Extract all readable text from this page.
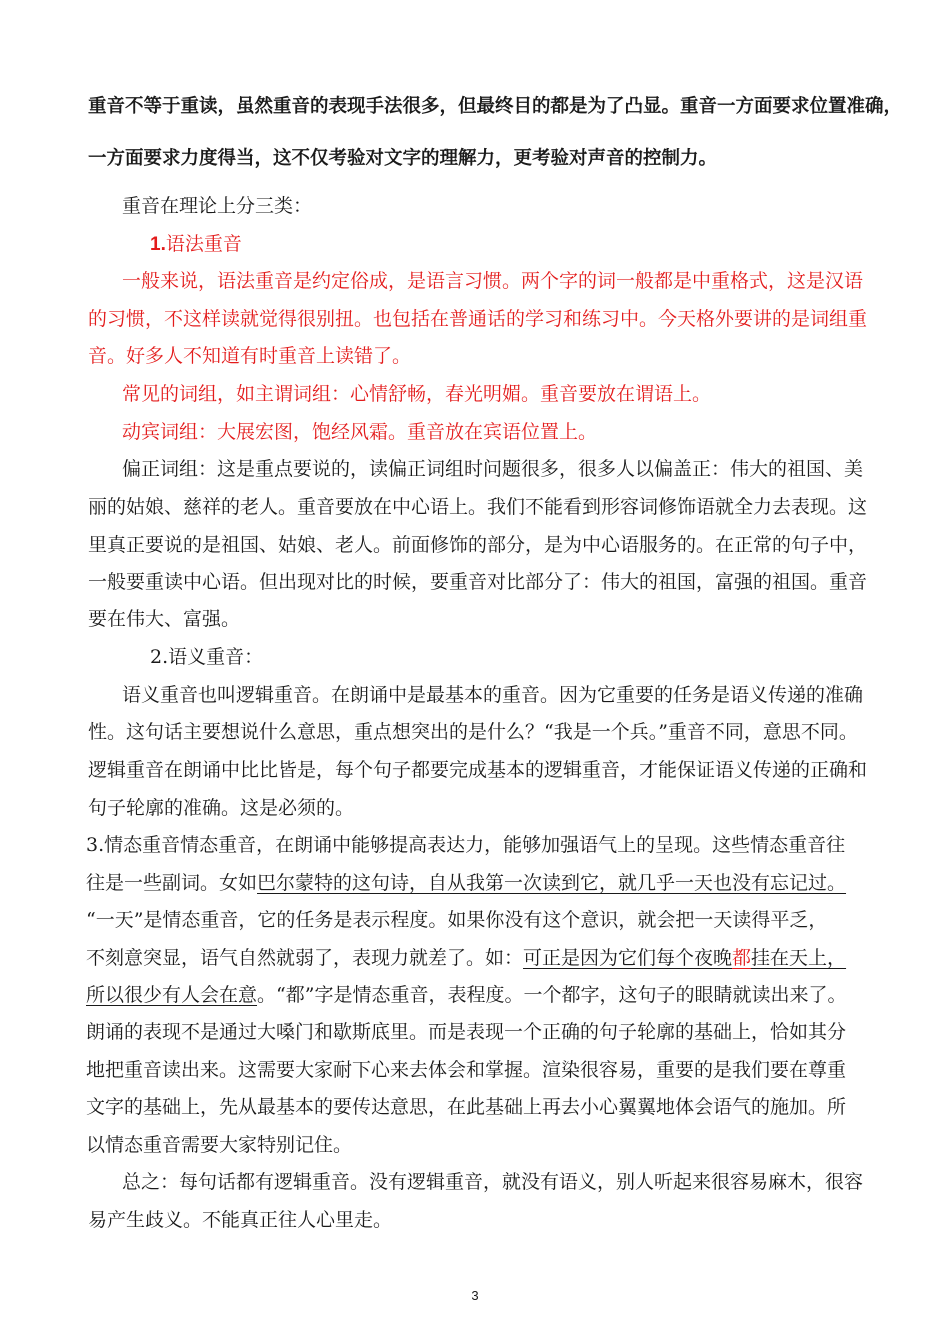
重音不等于重读，虽然重音的表现手法很多，但最终目的都是为了凸显。重音一方面要求位置准确，
一方面要求力度得当，这不仅考验对文字的理解力，更考验对声音的控制力。
重音在理论上分三类：
1.语法重音
一般来说，语法重音是约定俗成，是语言习惯。两个字的词一般都是中重格式，这是汉语
的习惯，不这样读就觉得很别扭。也包括在普通话的学习和练习中。今天格外要讲的是词组重
音。好多人不知道有时重音上读错了。
常见的词组，如主谓词组：心情舒畅，春光明媚。重音要放在谓语上。
动宾词组：大展宏图，饱经风霜。重音放在宾语位置上。
偏正词组：这是重点要说的，读偏正词组时问题很多，很多人以偏盖正：伟大的祖国、美
丽的姑娘、慈祥的老人。重音要放在中心语上。我们不能看到形容词修饰语就全力去表现。这
里真正要说的是祖国、姑娘、老人。前面修饰的部分，是为中心语服务的。在正常的句子中，
一般要重读中心语。但出现对比的时候，要重音对比部分了：伟大的祖国，富强的祖国。重音
要在伟大、富强。
2.语义重音：
语义重音也叫逻辑重音。在朗诵中是最基本的重音。因为它重要的任务是语义传递的准确
性。这句话主要想说什么意思，重点想突出的是什么？“我是一个兵。”重音不同，意思不同。
逻辑重音在朗诵中比比皆是，每个句子都要完成基本的逻辑重音，才能保证语义传递的正确和
句子轮廓的准确。这是必须的。
3.情态重音情态重音，在朗诵中能够提高表达力，能够加强语气上的呈现。这些情态重音往
往是一些副词。女如巴尔蒙特的这句诗，自从我第一次读到它，就几乎一天也没有忘记过。
“一天”是情态重音，它的任务是表示程度。如果你没有这个意识，就会把一天读得平乏，
不刻意突显，语气自然就弱了，表现力就差了。如：可正是因为它们每个夜晚都挂在天上，
所以很少有人会在意。“都”字是情态重音，表程度。一个都字，这句子的眼睛就读出来了。
朗诵的表现不是通过大嗓门和歇斯底里。而是表现一个正确的句子轮廓的基础上，恰如其分
地把重音读出来。这需要大家耐下心来去体会和掌握。渲染很容易，重要的是我们要在尊重
文字的基础上，先从最基本的要传达意思，在此基础上再去小心翼翼地体会语气的施加。所
以情态重音需要大家特别记住。
总之：每句话都有逻辑重音。没有逻辑重音，就没有语义，别人听起来很容易麻木，很容
易产生歧义。不能真正往人心里走。
3
